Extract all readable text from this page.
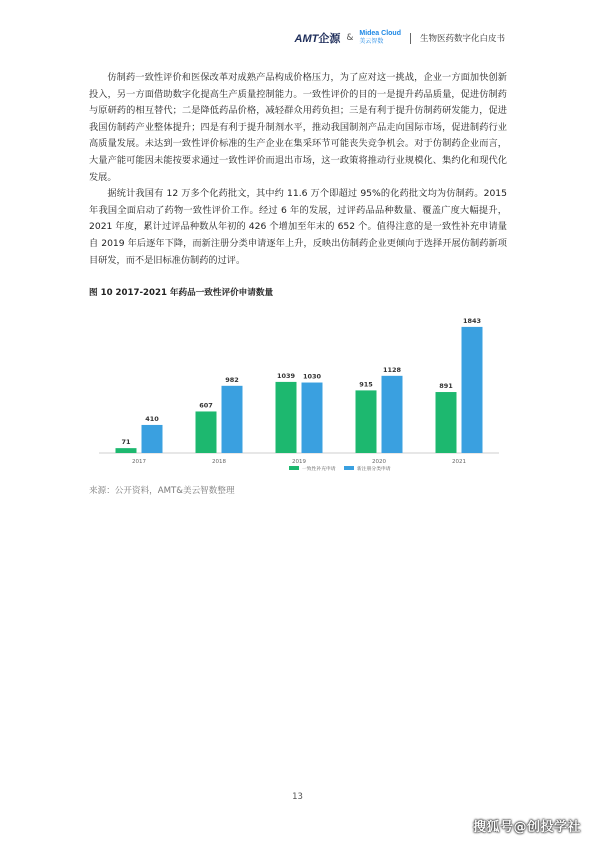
AMT企源 & Midea Cloud
美云智数	生物医药数字化白皮书

仿制药一致性评价和医保改革对成熟产品构成价格压力，为了应对这一挑战，企业一方面加快创新投入，另一方面借助数字化提高生产质量控制能力。一致性评价的目的一是提升药品质量，促进仿制药与原研药的相互替代；二是降低药品价格，减轻群众用药负担；三是有利于提升仿制药研发能力，促进我国仿制药产业整体提升；四是有利于提升制剂水平，推动我国制剂产品走向国际市场，促进制药行业高质量发展。未达到一致性评价标准的生产企业在集采环节可能丧失竞争机会。对于仿制药企业而言，大量产能可能因未能按要求通过一致性评价而退出市场，这一政策将推动行业规模化、集约化和现代化发展。

据统计我国有 12 万多个化药批文，其中约 11.6 万个即超过 95%的化药批文均为仿制药。2015 年我国全面启动了药物一致性评价工作。经过 6 年的发展，过评药品品种数量、覆盖广度大幅提升，2021 年度，累计过评品种数从年初的 426 个增加至年末的 652 个。值得注意的是一致性补充申请量自 2019 年后逐年下降，而新注册分类申请逐年上升，反映出仿制药企业更倾向于选择开展仿制药新项目研发，而不是旧标准仿制药的过评。

图 10 2017-2021 年药品一致性评价申请数量
71
410
2017
607
982
2018
1039 1030
2019
915
1128
2020
891
1843
2021
一致性补充申请	新注册分类申请
来源：公开资料，AMT&美云智数整理
13
搜狐号@创投学社
